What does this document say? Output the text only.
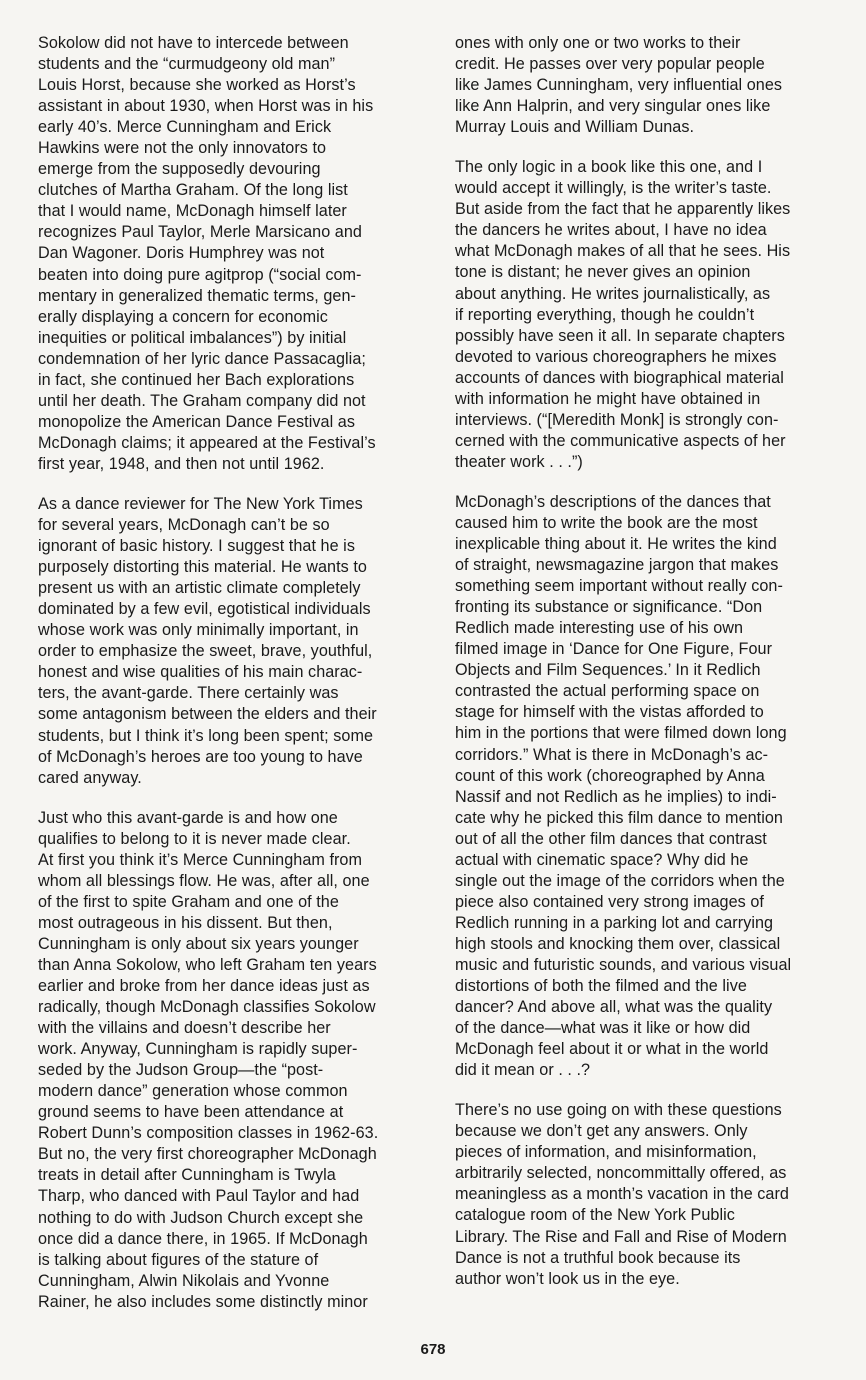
Sokolow did not have to intercede between
students and the “curmudgeony old man”
Louis Horst, because she worked as Horst’s
assistant in about 1930, when Horst was in his
early 40’s. Merce Cunningham and Erick
Hawkins were not the only innovators to
emerge from the supposedly devouring
clutches of Martha Graham. Of the long list
that I would name, McDonagh himself later
recognizes Paul Taylor, Merle Marsicano and
Dan Wagoner. Doris Humphrey was not
beaten into doing pure agitprop (“social com-
mentary in generalized thematic terms, gen-
erally displaying a concern for economic
inequities or political imbalances”) by initial
condemnation of her lyric dance Passacaglia;
in fact, she continued her Bach explorations
until her death. The Graham company did not
monopolize the American Dance Festival as
McDonagh claims; it appeared at the Festival’s
first year, 1948, and then not until 1962.

As a dance reviewer for The New York Times
for several years, McDonagh can’t be so
ignorant of basic history. I suggest that he is
purposely distorting this material. He wants to
present us with an artistic climate completely
dominated by a few evil, egotistical individuals
whose work was only minimally important, in
order to emphasize the sweet, brave, youthful,
honest and wise qualities of his main charac-
ters, the avant-garde. There certainly was
some antagonism between the elders and their
students, but I think it’s long been spent; some
of McDonagh’s heroes are too young to have
cared anyway.

Just who this avant-garde is and how one
qualifies to belong to it is never made clear.
At first you think it’s Merce Cunningham from
whom all blessings flow. He was, after all, one
of the first to spite Graham and one of the
most outrageous in his dissent. But then,
Cunningham is only about six years younger
than Anna Sokolow, who left Graham ten years
earlier and broke from her dance ideas just as
radically, though McDonagh classifies Sokolow
with the villains and doesn’t describe her
work. Anyway, Cunningham is rapidly super-
seded by the Judson Group—the “post-
modern dance” generation whose common
ground seems to have been attendance at
Robert Dunn’s composition classes in 1962-63.
But no, the very first choreographer McDonagh
treats in detail after Cunningham is Twyla
Tharp, who danced with Paul Taylor and had
nothing to do with Judson Church except she
once did a dance there, in 1965. If McDonagh
is talking about figures of the stature of
Cunningham, Alwin Nikolais and Yvonne
Rainer, he also includes some distinctly minor

ones with only one or two works to their
credit. He passes over very popular people
like James Cunningham, very influential ones
like Ann Halprin, and very singular ones like
Murray Louis and William Dunas.

The only logic in a book like this one, and I
would accept it willingly, is the writer’s taste.
But aside from the fact that he apparently likes
the dancers he writes about, I have no idea
what McDonagh makes of all that he sees. His
tone is distant; he never gives an opinion
about anything. He writes journalistically, as
if reporting everything, though he couldn’t
possibly have seen it all. In separate chapters
devoted to various choreographers he mixes
accounts of dances with biographical material
with information he might have obtained in
interviews. (“[Meredith Monk] is strongly con-
cerned with the communicative aspects of her
theater work . . .”)

McDonagh’s descriptions of the dances that
caused him to write the book are the most
inexplicable thing about it. He writes the kind
of straight, newsmagazine jargon that makes
something seem important without really con-
fronting its substance or significance. “Don
Redlich made interesting use of his own
filmed image in ‘Dance for One Figure, Four
Objects and Film Sequences.’ In it Redlich
contrasted the actual performing space on
stage for himself with the vistas afforded to
him in the portions that were filmed down long
corridors.” What is there in McDonagh’s ac-
count of this work (choreographed by Anna
Nassif and not Redlich as he implies) to indi-
cate why he picked this film dance to mention
out of all the other film dances that contrast
actual with cinematic space? Why did he
single out the image of the corridors when the
piece also contained very strong images of
Redlich running in a parking lot and carrying
high stools and knocking them over, classical
music and futuristic sounds, and various visual
distortions of both the filmed and the live
dancer? And above all, what was the quality
of the dance—what was it like or how did
McDonagh feel about it or what in the world
did it mean or . . .?

There’s no use going on with these questions
because we don’t get any answers. Only
pieces of information, and misinformation,
arbitrarily selected, noncommittally offered, as
meaningless as a month’s vacation in the card
catalogue room of the New York Public
Library. The Rise and Fall and Rise of Modern
Dance is not a truthful book because its
author won’t look us in the eye.

678
